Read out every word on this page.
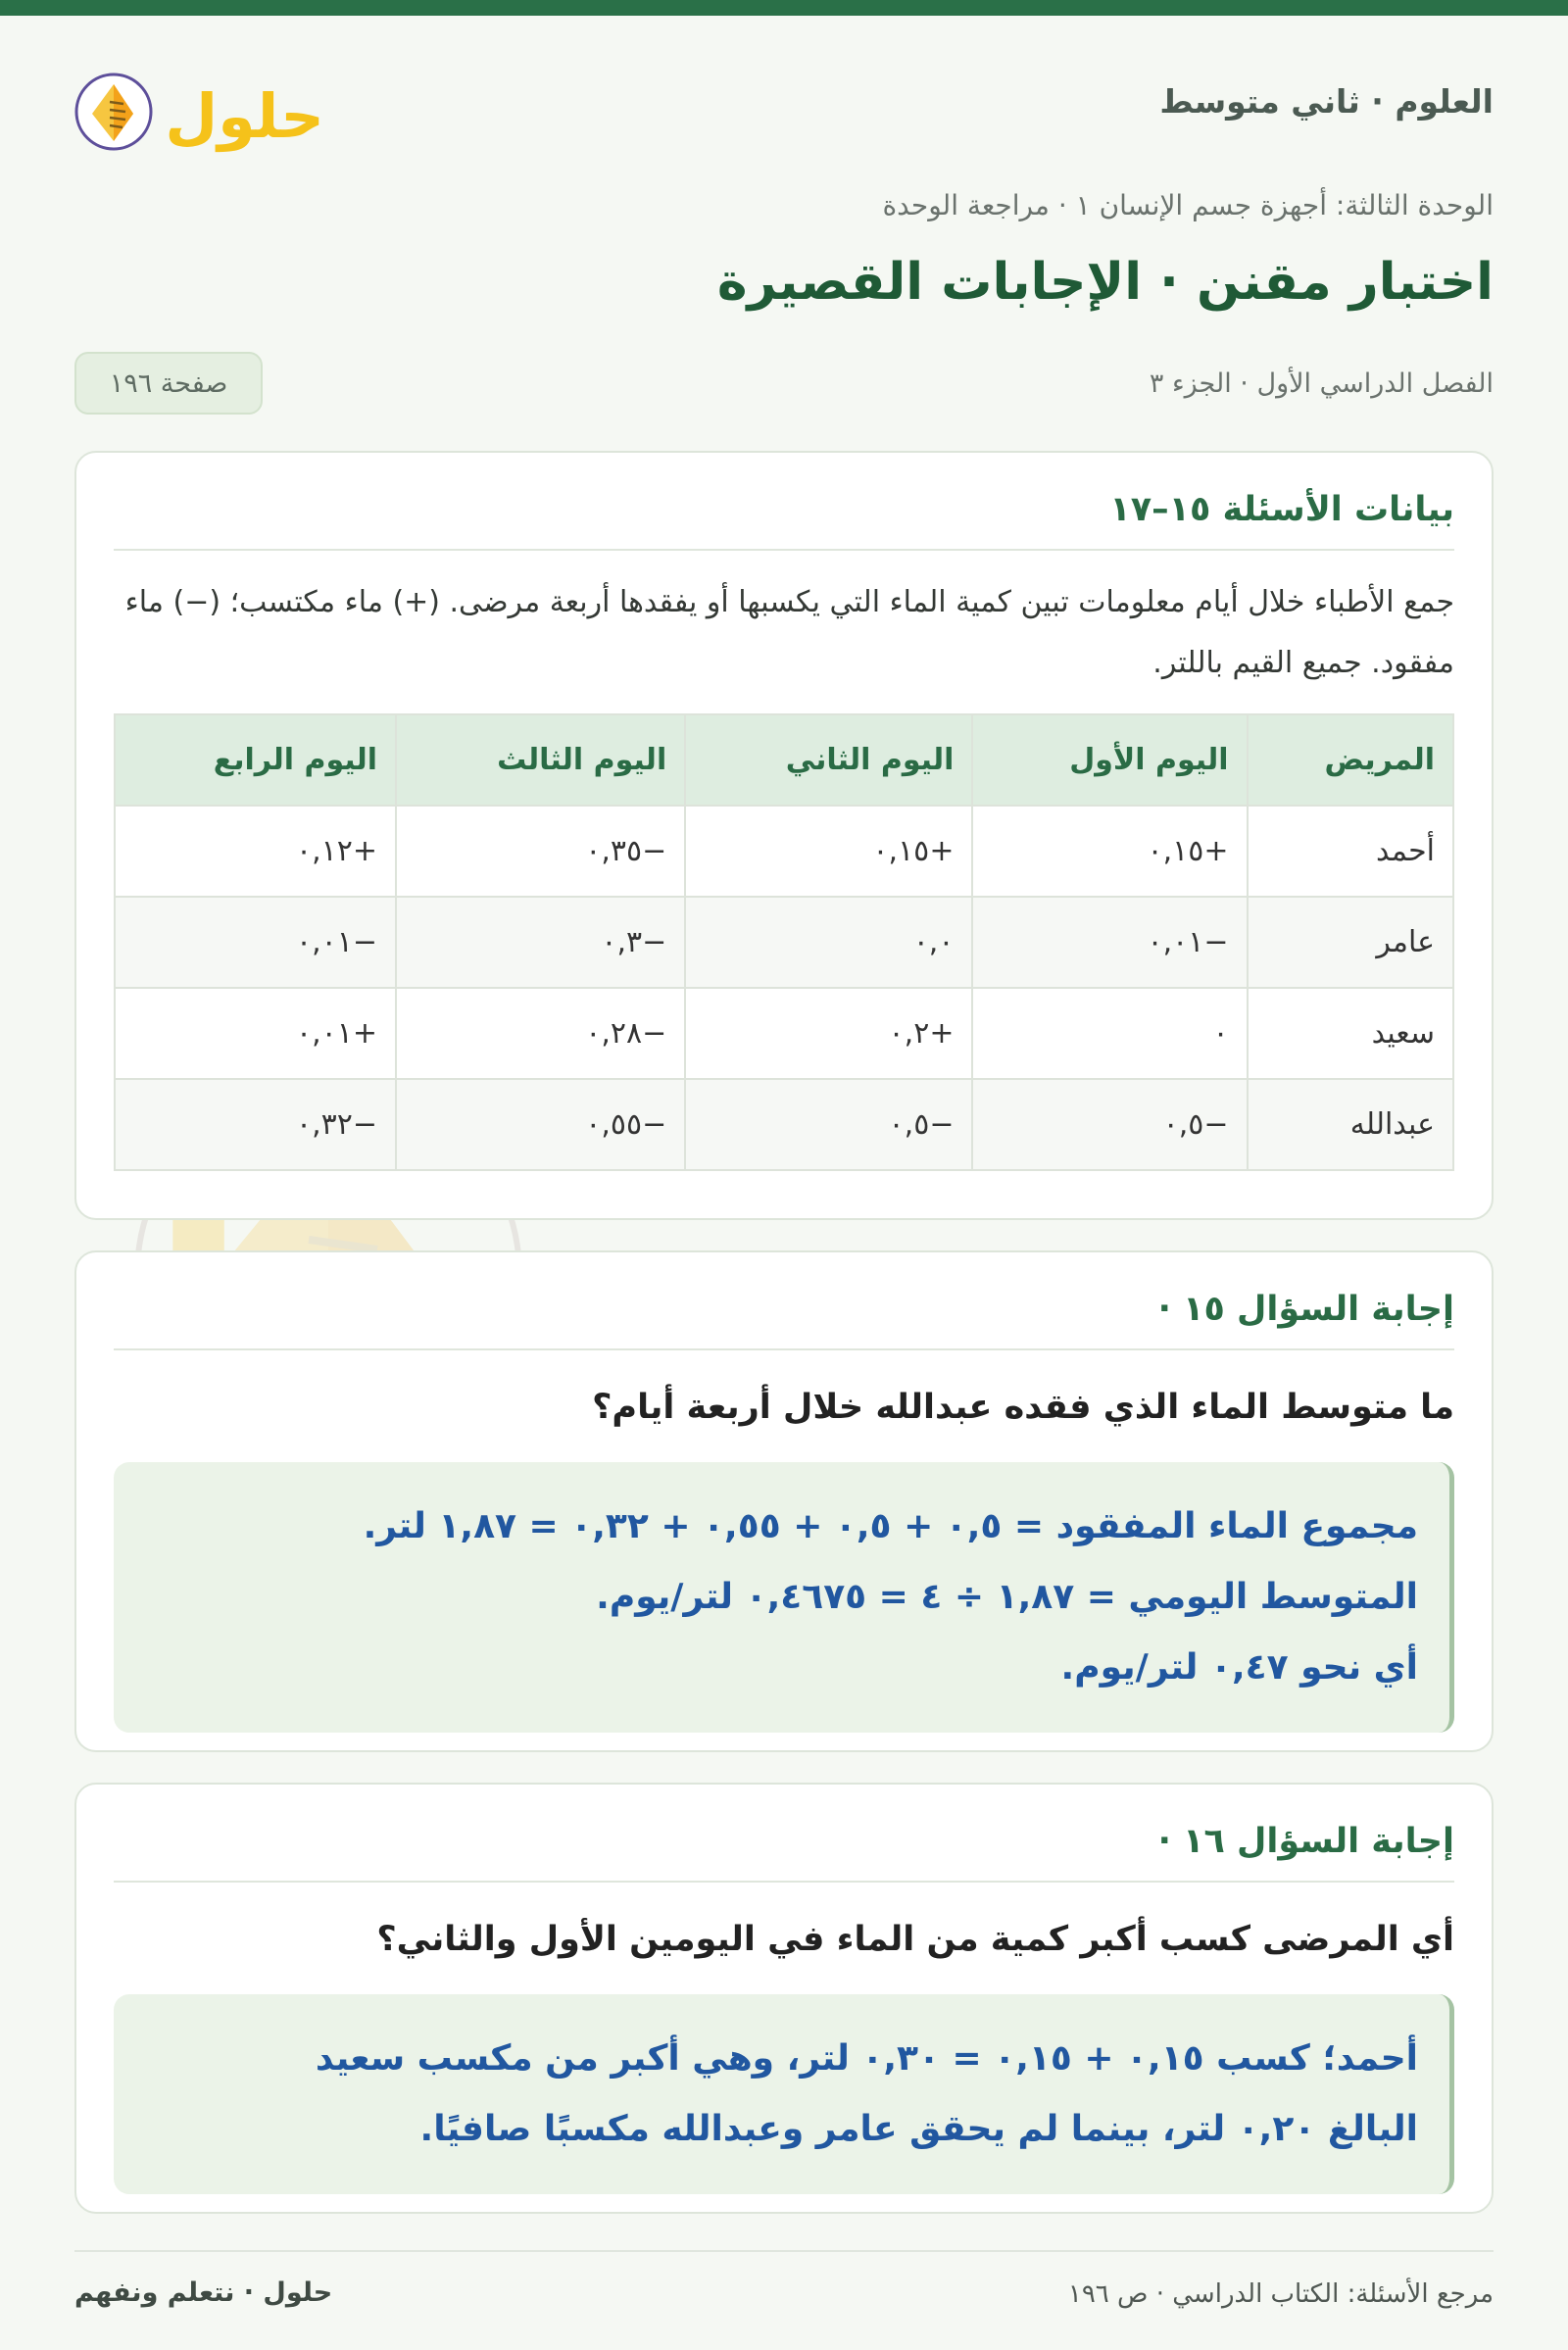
العلوم · ثاني متوسط
حلول
الوحدة الثالثة: أجهزة جسم الإنسان ١ · مراجعة الوحدة
اختبار مقنن · الإجابات القصيرة
الفصل الدراسي الأول · الجزء ٣
صفحة ١٩٦
بيانات الأسئلة ١٥–١٧

جمع الأطباء خلال أيام معلومات تبين كمية الماء التي يكسبها أو يفقدها أربعة مرضى. (+) ماء مكتسب؛ (−) ماء مفقود. جميع القيم باللتر.

المريض	اليوم الأول	اليوم الثاني	اليوم الثالث	اليوم الرابع
أحمد	+٠,١٥	+٠,١٥	−٠,٣٥	+٠,١٢
عامر	−٠,٠١	٠,٠	−٠,٣	−٠,٠١
سعيد	٠	+٠,٢	−٠,٢٨	+٠,٠١
عبدالله	−٠,٥	−٠,٥	−٠,٥٥	−٠,٣٢
إجابة السؤال ١٥ ·

ما متوسط الماء الذي فقده عبدالله خلال أربعة أيام؟

مجموع الماء المفقود = ٠,٥ + ٠,٥ + ٠,٥٥ + ٠,٣٢ = ١,٨٧ لتر.
المتوسط اليومي = ١,٨٧ ÷ ٤ = ٠,٤٦٧٥ لتر/يوم.
أي نحو ٠,٤٧ لتر/يوم.
إجابة السؤال ١٦ ·

أي المرضى كسب أكبر كمية من الماء في اليومين الأول والثاني؟

أحمد؛ كسب ٠,١٥ + ٠,١٥ = ٠,٣٠ لتر، وهي أكبر من مكسب سعيد
البالغ ٠,٢٠ لتر، بينما لم يحقق عامر وعبدالله مكسبًا صافيًا.
مرجع الأسئلة: الكتاب الدراسي · ص ١٩٦
حلول · نتعلم ونفهم
